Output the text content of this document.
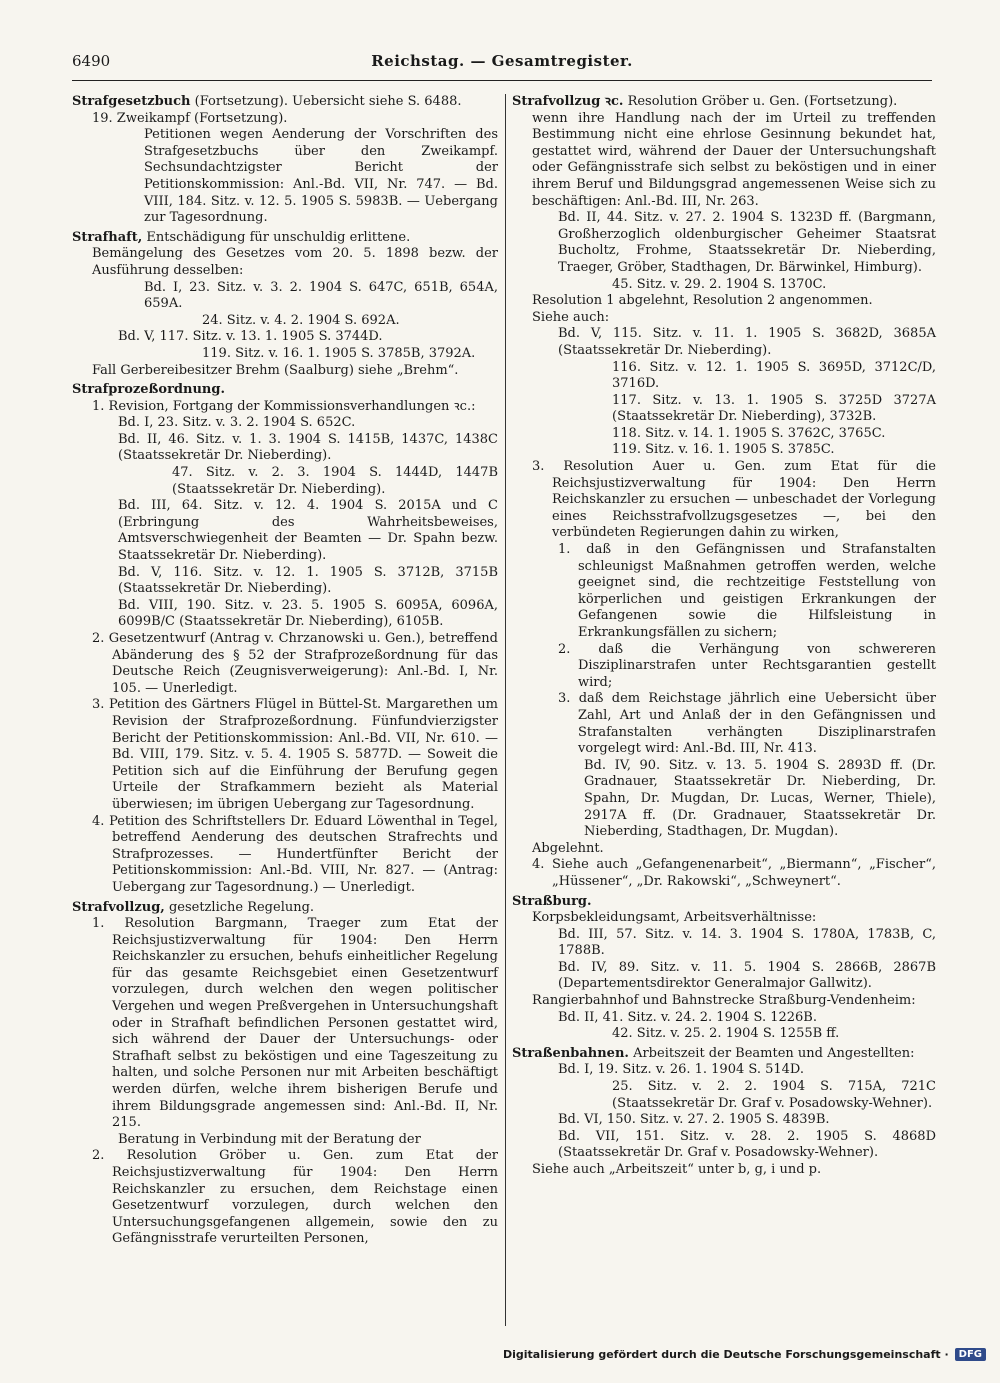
6490	Reichstag. — Gesamtregister.

Strafgesetzbuch (Fortsetzung). Uebersicht siehe S. 6488.

19. Zweikampf (Fortsetzung).

Petitionen wegen Aenderung der Vorschriften des Strafgesetzbuchs über den Zweikampf. Sechsundachtzigster Bericht der Petitionskommission: Anl.-Bd. VII, Nr. 747. — Bd. VIII, 184. Sitz. v. 12. 5. 1905 S. 5983B. — Uebergang zur Tagesordnung.

Strafhaft, Entschädigung für unschuldig erlittene.

Bemängelung des Gesetzes vom 20. 5. 1898 bezw. der Ausführung desselben:

Bd. I, 23. Sitz. v. 3. 2. 1904 S. 647C, 651B, 654A, 659A.

24. Sitz. v. 4. 2. 1904 S. 692A.

Bd. V, 117. Sitz. v. 13. 1. 1905 S. 3744D.

119. Sitz. v. 16. 1. 1905 S. 3785B, 3792A.

Fall Gerbereibesitzer Brehm (Saalburg) siehe „Brehm“.

Strafprozeßordnung.

1. Revision, Fortgang der Kommissionsverhandlungen ꝛc.:

Bd. I, 23. Sitz. v. 3. 2. 1904 S. 652C.

Bd. II, 46. Sitz. v. 1. 3. 1904 S. 1415B, 1437C, 1438C (Staatssekretär Dr. Nieberding).

47. Sitz. v. 2. 3. 1904 S. 1444D, 1447B (Staatssekretär Dr. Nieberding).

Bd. III, 64. Sitz. v. 12. 4. 1904 S. 2015A und C (Erbringung des Wahrheitsbeweises, Amtsverschwiegenheit der Beamten — Dr. Spahn bezw. Staatssekretär Dr. Nieberding).

Bd. V, 116. Sitz. v. 12. 1. 1905 S. 3712B, 3715B (Staatssekretär Dr. Nieberding).

Bd. VIII, 190. Sitz. v. 23. 5. 1905 S. 6095A, 6096A, 6099B/C (Staatssekretär Dr. Nieberding), 6105B.

2. Gesetzentwurf (Antrag v. Chrzanowski u. Gen.), betreffend Abänderung des § 52 der Strafprozeßordnung für das Deutsche Reich (Zeugnisverweigerung): Anl.-Bd. I, Nr. 105. — Unerledigt.

3. Petition des Gärtners Flügel in Büttel-St. Margarethen um Revision der Strafprozeßordnung. Fünfundvierzigster Bericht der Petitionskommission: Anl.-Bd. VII, Nr. 610. — Bd. VIII, 179. Sitz. v. 5. 4. 1905 S. 5877D. — Soweit die Petition sich auf die Einführung der Berufung gegen Urteile der Strafkammern bezieht als Material überwiesen; im übrigen Uebergang zur Tagesordnung.

4. Petition des Schriftstellers Dr. Eduard Löwenthal in Tegel, betreffend Aenderung des deutschen Strafrechts und Strafprozesses. — Hundertfünfter Bericht der Petitionskommission: Anl.-Bd. VIII, Nr. 827. — (Antrag: Uebergang zur Tagesordnung.) — Unerledigt.

Strafvollzug, gesetzliche Regelung.

1. Resolution Bargmann, Traeger zum Etat der Reichsjustizverwaltung für 1904: Den Herrn Reichskanzler zu ersuchen, behufs einheitlicher Regelung für das gesamte Reichsgebiet einen Gesetzentwurf vorzulegen, durch welchen den wegen politischer Vergehen und wegen Preßvergehen in Untersuchungshaft oder in Strafhaft befindlichen Personen gestattet wird, sich während der Dauer der Untersuchungs- oder Strafhaft selbst zu beköstigen und eine Tageszeitung zu halten, und solche Personen nur mit Arbeiten beschäftigt werden dürfen, welche ihrem bisherigen Berufe und ihrem Bildungsgrade angemessen sind: Anl.-Bd. II, Nr. 215.

Beratung in Verbindung mit der Beratung der

2. Resolution Gröber u. Gen. zum Etat der Reichsjustizverwaltung für 1904: Den Herrn Reichskanzler zu ersuchen, dem Reichstage einen Gesetzentwurf vorzulegen, durch welchen den Untersuchungsgefangenen allgemein, sowie den zu Gefängnisstrafe verurteilten Personen,

Strafvollzug ꝛc. Resolution Gröber u. Gen. (Fortsetzung).

wenn ihre Handlung nach der im Urteil zu treffenden Bestimmung nicht eine ehrlose Gesinnung bekundet hat, gestattet wird, während der Dauer der Untersuchungshaft oder Gefängnisstrafe sich selbst zu beköstigen und in einer ihrem Beruf und Bildungsgrad angemessenen Weise sich zu beschäftigen: Anl.-Bd. III, Nr. 263.

Bd. II, 44. Sitz. v. 27. 2. 1904 S. 1323D ff. (Bargmann, Großherzoglich oldenburgischer Geheimer Staatsrat Bucholtz, Frohme, Staatssekretär Dr. Nieberding, Traeger, Gröber, Stadthagen, Dr. Bärwinkel, Himburg).

45. Sitz. v. 29. 2. 1904 S. 1370C.

Resolution 1 abgelehnt, Resolution 2 angenommen.

Siehe auch:

Bd. V, 115. Sitz. v. 11. 1. 1905 S. 3682D, 3685A (Staatssekretär Dr. Nieberding).

116. Sitz. v. 12. 1. 1905 S. 3695D, 3712C/D, 3716D.

117. Sitz. v. 13. 1. 1905 S. 3725D 3727A (Staatssekretär Dr. Nieberding), 3732B.

118. Sitz. v. 14. 1. 1905 S. 3762C, 3765C.

119. Sitz. v. 16. 1. 1905 S. 3785C.

3. Resolution Auer u. Gen. zum Etat für die Reichsjustizverwaltung für 1904: Den Herrn Reichskanzler zu ersuchen — unbeschadet der Vorlegung eines Reichsstrafvollzugsgesetzes —, bei den verbündeten Regierungen dahin zu wirken,

1. daß in den Gefängnissen und Strafanstalten schleunigst Maßnahmen getroffen werden, welche geeignet sind, die rechtzeitige Feststellung von körperlichen und geistigen Erkrankungen der Gefangenen sowie die Hilfsleistung in Erkrankungsfällen zu sichern;

2. daß die Verhängung von schwereren Disziplinarstrafen unter Rechtsgarantien gestellt wird;

3. daß dem Reichstage jährlich eine Uebersicht über Zahl, Art und Anlaß der in den Gefängnissen und Strafanstalten verhängten Disziplinarstrafen vorgelegt wird: Anl.-Bd. III, Nr. 413.

Bd. IV, 90. Sitz. v. 13. 5. 1904 S. 2893D ff. (Dr. Gradnauer, Staatssekretär Dr. Nieberding, Dr. Spahn, Dr. Mugdan, Dr. Lucas, Werner, Thiele), 2917A ff. (Dr. Gradnauer, Staatssekretär Dr. Nieberding, Stadthagen, Dr. Mugdan).

Abgelehnt.

4. Siehe auch „Gefangenenarbeit“, „Biermann“, „Fischer“, „Hüssener“, „Dr. Rakowski“, „Schweynert“.

Straßburg.

Korpsbekleidungsamt, Arbeitsverhältnisse:

Bd. III, 57. Sitz. v. 14. 3. 1904 S. 1780A, 1783B, C, 1788B.

Bd. IV, 89. Sitz. v. 11. 5. 1904 S. 2866B, 2867B (Departementsdirektor Generalmajor Gallwitz).

Rangierbahnhof und Bahnstrecke Straßburg-Vendenheim:

Bd. II, 41. Sitz. v. 24. 2. 1904 S. 1226B.

42. Sitz. v. 25. 2. 1904 S. 1255B ff.

Straßenbahnen. Arbeitszeit der Beamten und Angestellten:

Bd. I, 19. Sitz. v. 26. 1. 1904 S. 514D.

25. Sitz. v. 2. 2. 1904 S. 715A, 721C (Staatssekretär Dr. Graf v. Posadowsky-Wehner).

Bd. VI, 150. Sitz. v. 27. 2. 1905 S. 4839B.

Bd. VII, 151. Sitz. v. 28. 2. 1905 S. 4868D (Staatssekretär Dr. Graf v. Posadowsky-Wehner).

Siehe auch „Arbeitszeit“ unter b, g, i und p.

Digitalisierung gefördert durch die Deutsche Forschungsgemeinschaft ·	DFG
